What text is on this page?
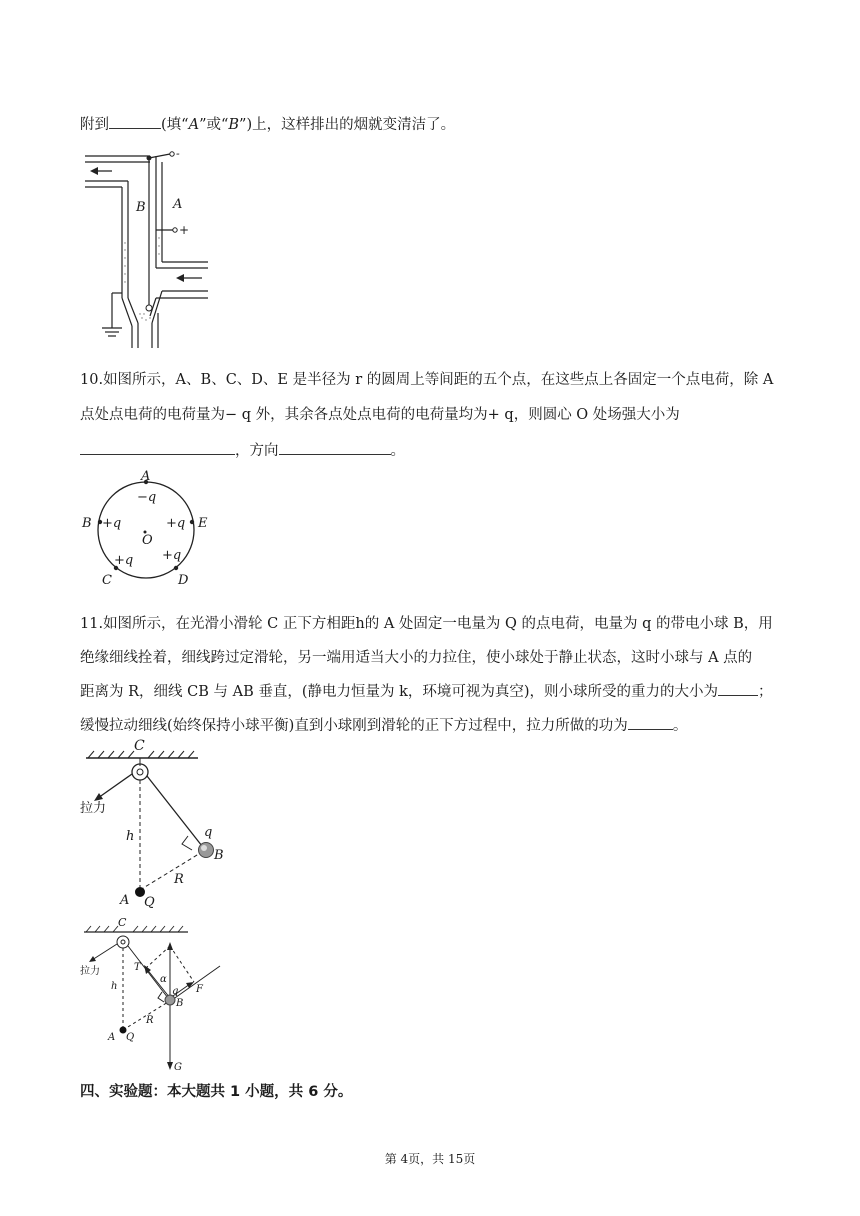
附到	(填“A”或“B”)上，这样排出的烟就变清洁了。
-
+
A
B
10.如图所示，A、B、C、D、E 是半径为 r 的圆周上等间距的五个点，在这些点上各固定一个点电荷，除 A
点处点电荷的电荷量为− q 外，其余各点处点电荷的电荷量均为+ q，则圆心 O 处场强大小为
，方向	。
A
−q
B +q	E
+q
O
+q +q
C	D
11.如图所示，在光滑小滑轮 C 正下方相距h的 A 处固定一电量为 Q 的点电荷，电量为 q 的带电小球 B，用
绝缘细线拴着，细线跨过定滑轮，另一端用适当大小的力拉住，使小球处于静止状态，这时小球与 A 点的
距离为 R，细线 CB 与 AB 垂直，(静电力恒量为 k，环境可视为真空)，则小球所受的重力的大小为	；
缓慢拉动细线(始终保持小球平衡)直到小球刚到滑轮的正下方过程中，拉力所做的功为	。
C
拉力
h	q
B
R
A Q
C
拉力
h
T
α
q
B
F
R
A Q
G
四、实验题：本大题共 1 小题，共 6 分。
第 4页，共 15页
